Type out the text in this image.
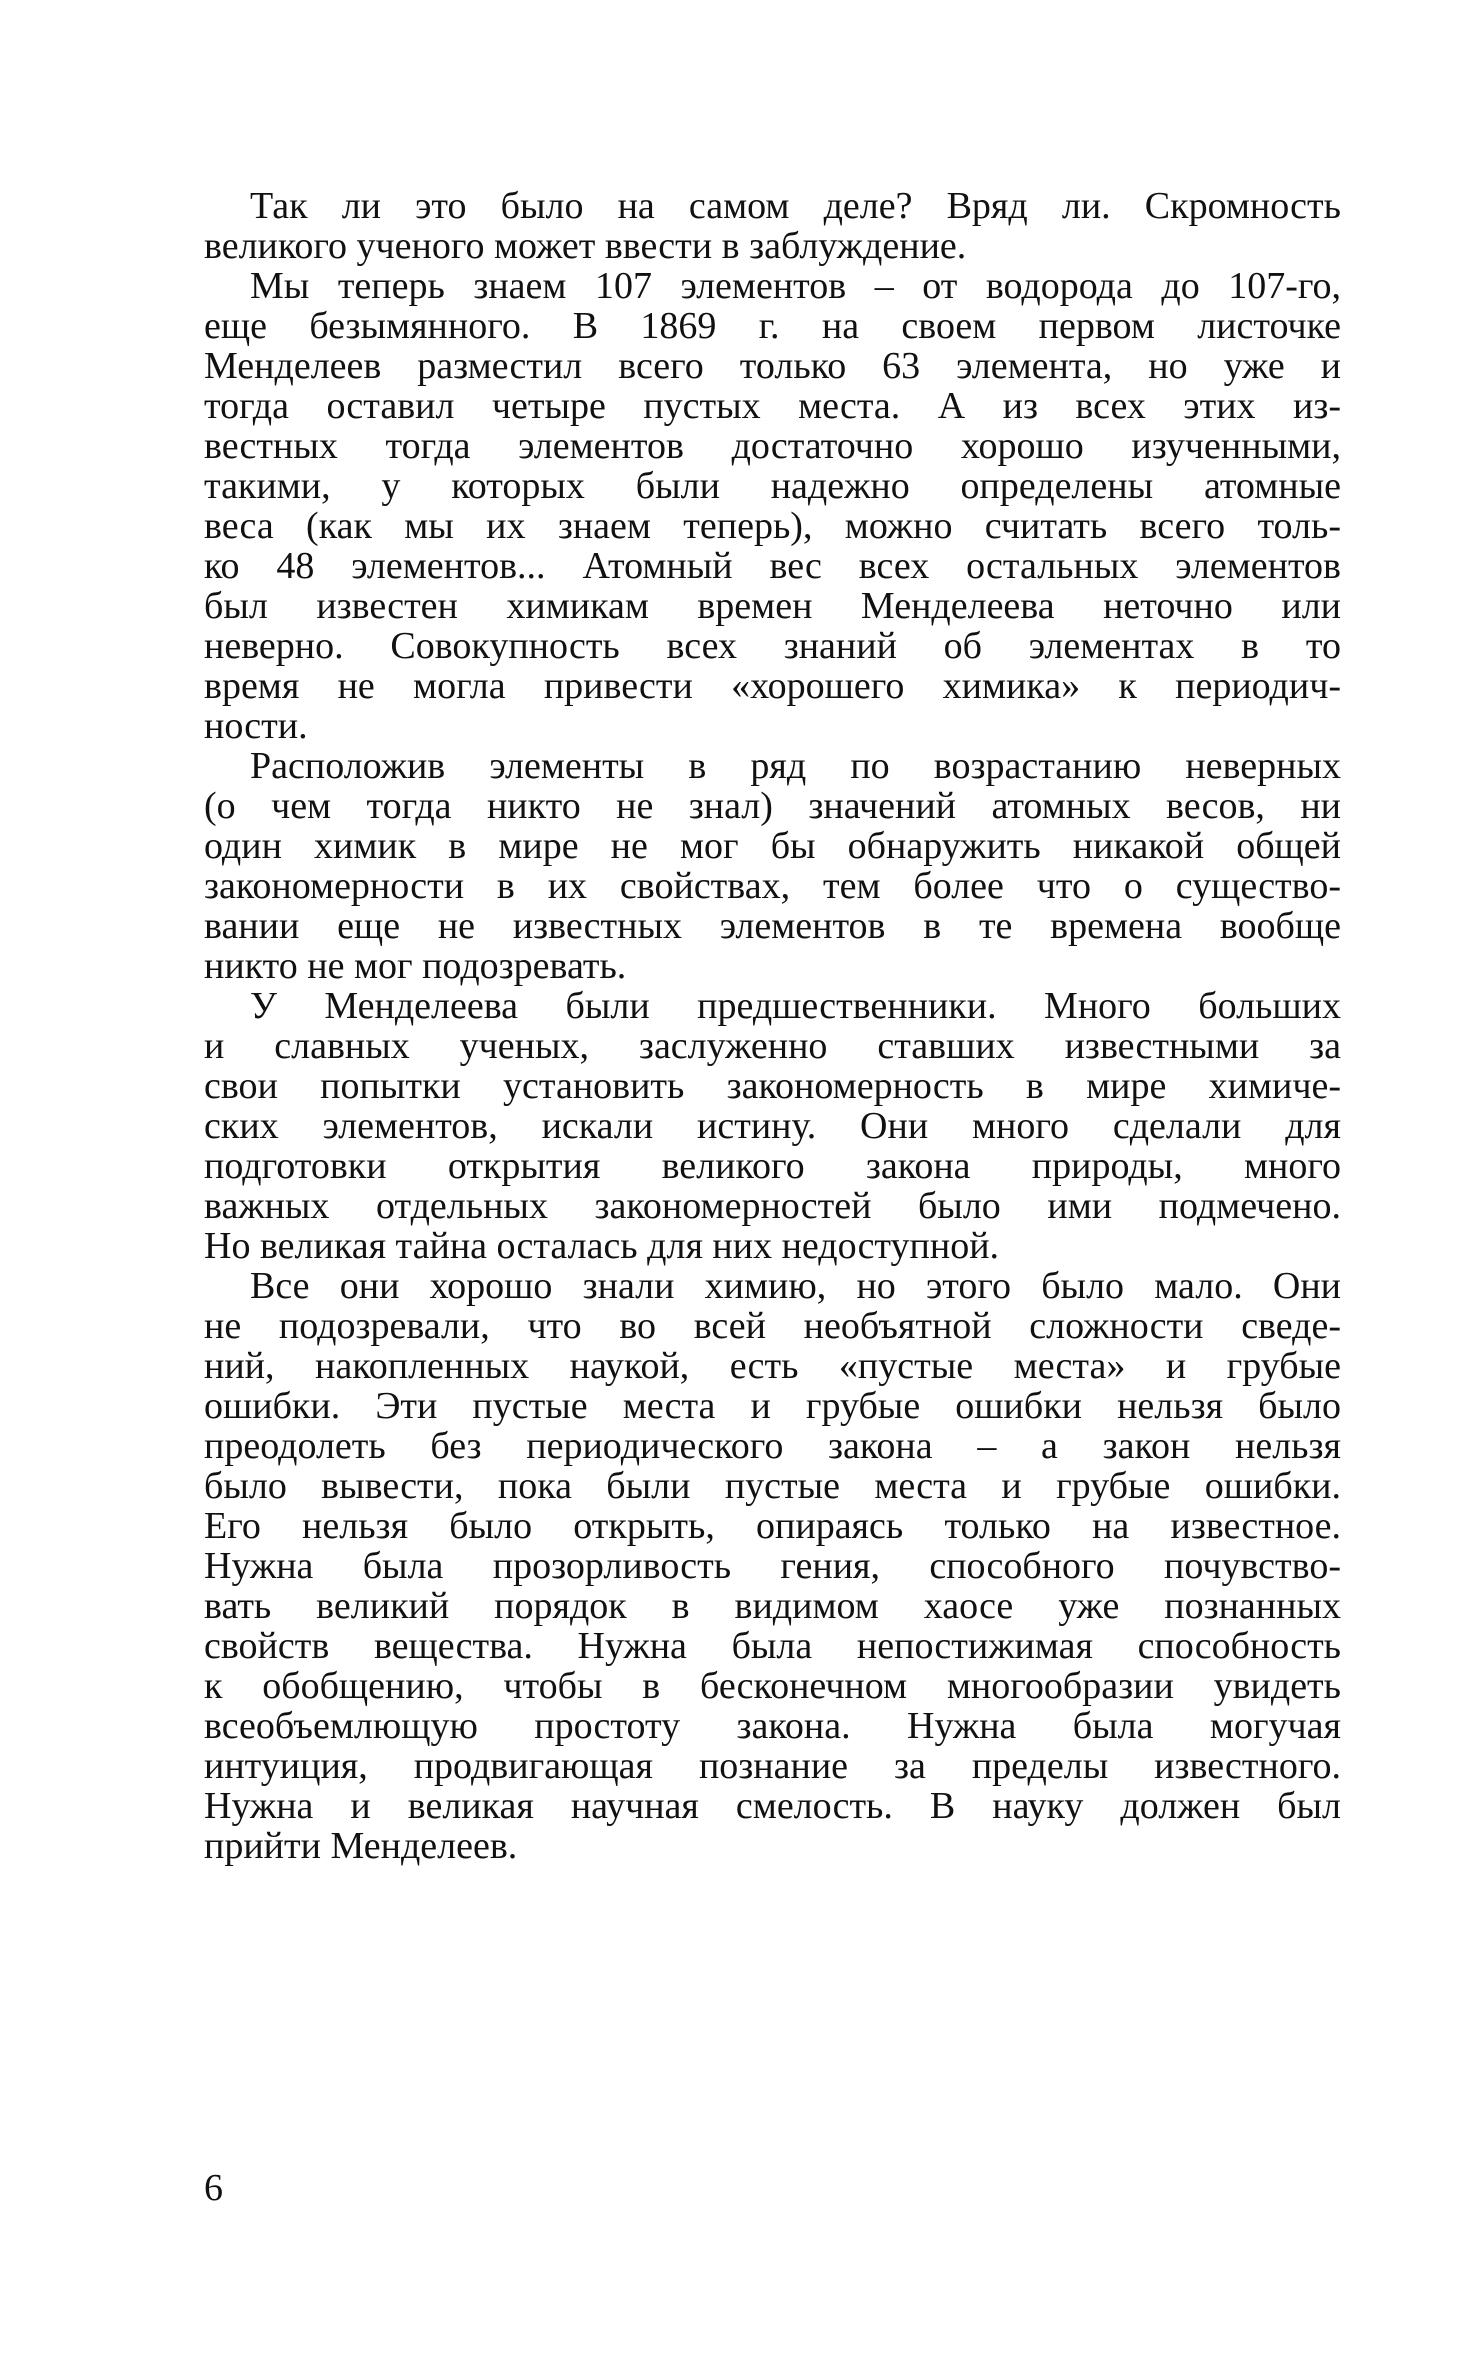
Так ли это было на самом деле? Вряд ли. Скромность
великого ученого может ввести в заблуждение.
Мы теперь знаем 107 элементов – от водорода до 107-го,
еще безымянного. В 1869 г. на своем первом листочке
Менделеев разместил всего только 63 элемента, но уже и
тогда оставил четыре пустых места. А из всех этих из-
вестных тогда элементов достаточно хорошо изученными,
такими, у которых были надежно определены атомные
веса (как мы их знаем теперь), можно считать всего толь-
ко 48 элементов... Атомный вес всех остальных элементов
был известен химикам времен Менделеева неточно или
неверно. Совокупность всех знаний об элементах в то
время не могла привести «хорошего химика» к периодич-
ности.
Расположив элементы в ряд по возрастанию неверных
(о чем тогда никто не знал) значений атомных весов, ни
один химик в мире не мог бы обнаружить никакой общей
закономерности в их свойствах, тем более что о существо-
вании еще не известных элементов в те времена вообще
никто не мог подозревать.
У Менделеева были предшественники. Много больших
и славных ученых, заслуженно ставших известными за
свои попытки установить закономерность в мире химиче-
ских элементов, искали истину. Они много сделали для
подготовки открытия великого закона природы, много
важных отдельных закономерностей было ими подмечено.
Но великая тайна осталась для них недоступной.
Все они хорошо знали химию, но этого было мало. Они
не подозревали, что во всей необъятной сложности сведе-
ний, накопленных наукой, есть «пустые места» и грубые
ошибки. Эти пустые места и грубые ошибки нельзя было
преодолеть без периодического закона – а закон нельзя
было вывести, пока были пустые места и грубые ошибки.
Его нельзя было открыть, опираясь только на известное.
Нужна была прозорливость гения, способного почувство-
вать великий порядок в видимом хаосе уже познанных
свойств вещества. Нужна была непостижимая способность
к обобщению, чтобы в бесконечном многообразии увидеть
всеобъемлющую простоту закона. Нужна была могучая
интуиция, продвигающая познание за пределы известного.
Нужна и великая научная смелость. В науку должен был
прийти Менделеев.
6
